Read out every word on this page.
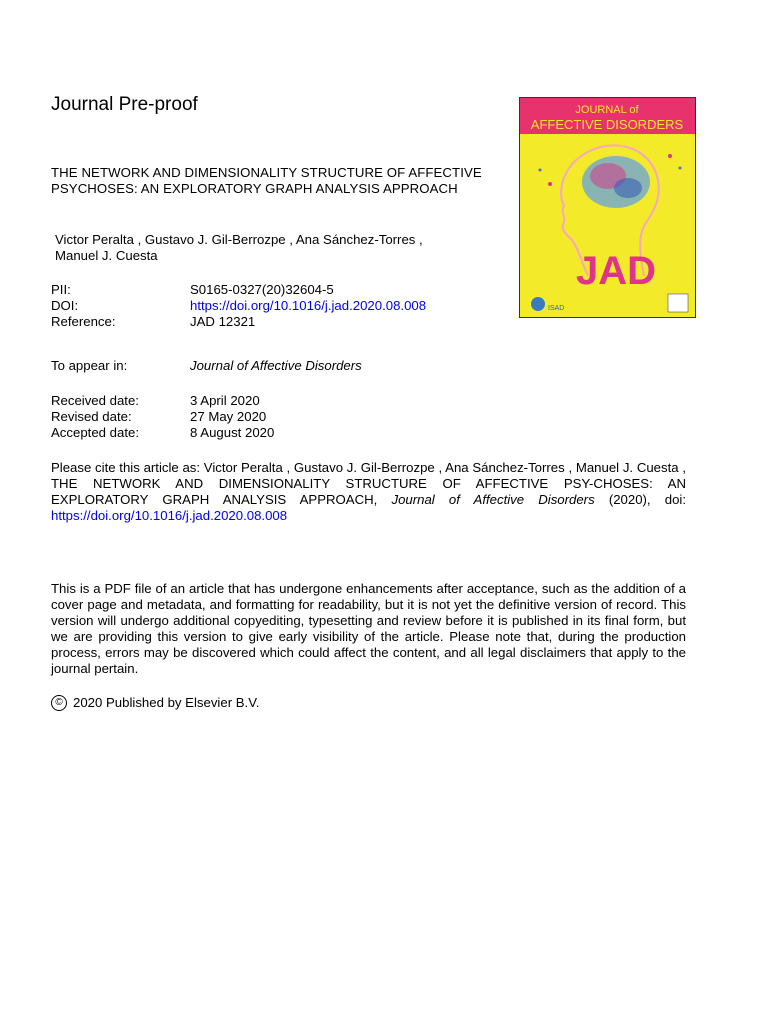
Journal Pre-proof
THE NETWORK AND DIMENSIONALITY STRUCTURE OF AFFECTIVE PSYCHOSES: AN EXPLORATORY GRAPH ANALYSIS APPROACH
Victor Peralta , Gustavo J. Gil-Berrozpe , Ana Sánchez-Torres ,
Manuel J. Cuesta
PII:	S0165-0327(20)32604-5
DOI:	https://doi.org/10.1016/j.jad.2020.08.008
Reference:	JAD 12321
To appear in:	Journal of Affective Disorders
Received date:	3 April 2020
Revised date:	27 May 2020
Accepted date:	8 August 2020
Please cite this article as: Victor Peralta , Gustavo J. Gil-Berrozpe , Ana Sánchez-Torres , Manuel J. Cuesta , THE NETWORK AND DIMENSIONALITY STRUCTURE OF AFFECTIVE PSY-CHOSES: AN EXPLORATORY GRAPH ANALYSIS APPROACH, Journal of Affective Disorders (2020), doi: https://doi.org/10.1016/j.jad.2020.08.008
This is a PDF file of an article that has undergone enhancements after acceptance, such as the addition of a cover page and metadata, and formatting for readability, but it is not yet the definitive version of record. This version will undergo additional copyediting, typesetting and review before it is published in its final form, but we are providing this version to give early visibility of the article. Please note that, during the production process, errors may be discovered which could affect the content, and all legal disclaimers that apply to the journal pertain.
© 2020 Published by Elsevier B.V.
JOURNAL of
AFFECTIVE DISORDERS
JAD
ISAD
